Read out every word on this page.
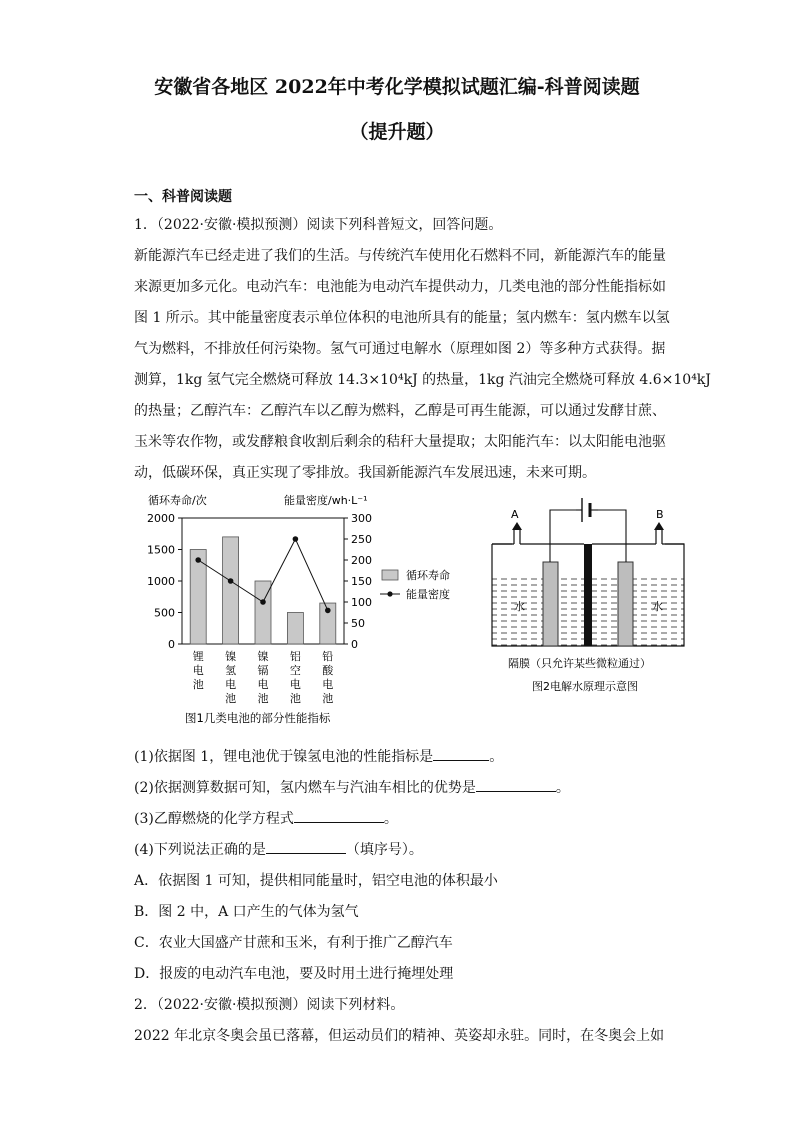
安徽省各地区 2022年中考化学模拟试题汇编-科普阅读题
（提升题）
一、科普阅读题
1．（2022·安徽·模拟预测）阅读下列科普短文，回答问题。
新能源汽车已经走进了我们的生活。与传统汽车使用化石燃料不同，新能源汽车的能量
来源更加多元化。电动汽车：电池能为电动汽车提供动力，几类电池的部分性能指标如
图 1 所示。其中能量密度表示单位体积的电池所具有的能量；氢内燃车：氢内燃车以氢
气为燃料，不排放任何污染物。氢气可通过电解水（原理如图 2）等多种方式获得。据
测算，1kg 氢气完全燃烧可释放 14.3×10⁴kJ 的热量，1kg 汽油完全燃烧可释放 4.6×10⁴kJ
的热量；乙醇汽车：乙醇汽车以乙醇为燃料，乙醇是可再生能源，可以通过发酵甘蔗、
玉米等农作物，或发酵粮食收割后剩余的秸秆大量提取；太阳能汽车：以太阳能电池驱
动，低碳环保，真正实现了零排放。我国新能源汽车发展迅速，未来可期。
循环寿命/次	能量密度/wh·L⁻¹
0
500
1000
1500
2000
0
50
100
150
200
250
300
锂
电
池
镍
氢
电
池
镍
镉
电
池
铝
空
电
池
铅
酸
电
池
循环寿命
能量密度
图1几类电池的部分性能指标
A	B
水	水
隔膜（只允许某些微粒通过）
图2电解水原理示意图
(1)依据图 1，锂电池优于镍氢电池的性能指标是	。
(2)依据测算数据可知，氢内燃车与汽油车相比的优势是	。
(3)乙醇燃烧的化学方程式	。
(4)下列说法正确的是	（填序号）。
A．依据图 1 可知，提供相同能量时，铝空电池的体积最小
B．图 2 中，A 口产生的气体为氢气
C．农业大国盛产甘蔗和玉米，有利于推广乙醇汽车
D．报废的电动汽车电池，要及时用土进行掩埋处理
2．（2022·安徽·模拟预测）阅读下列材料。
2022 年北京冬奥会虽已落幕，但运动员们的精神、英姿却永驻。同时，在冬奥会上如
